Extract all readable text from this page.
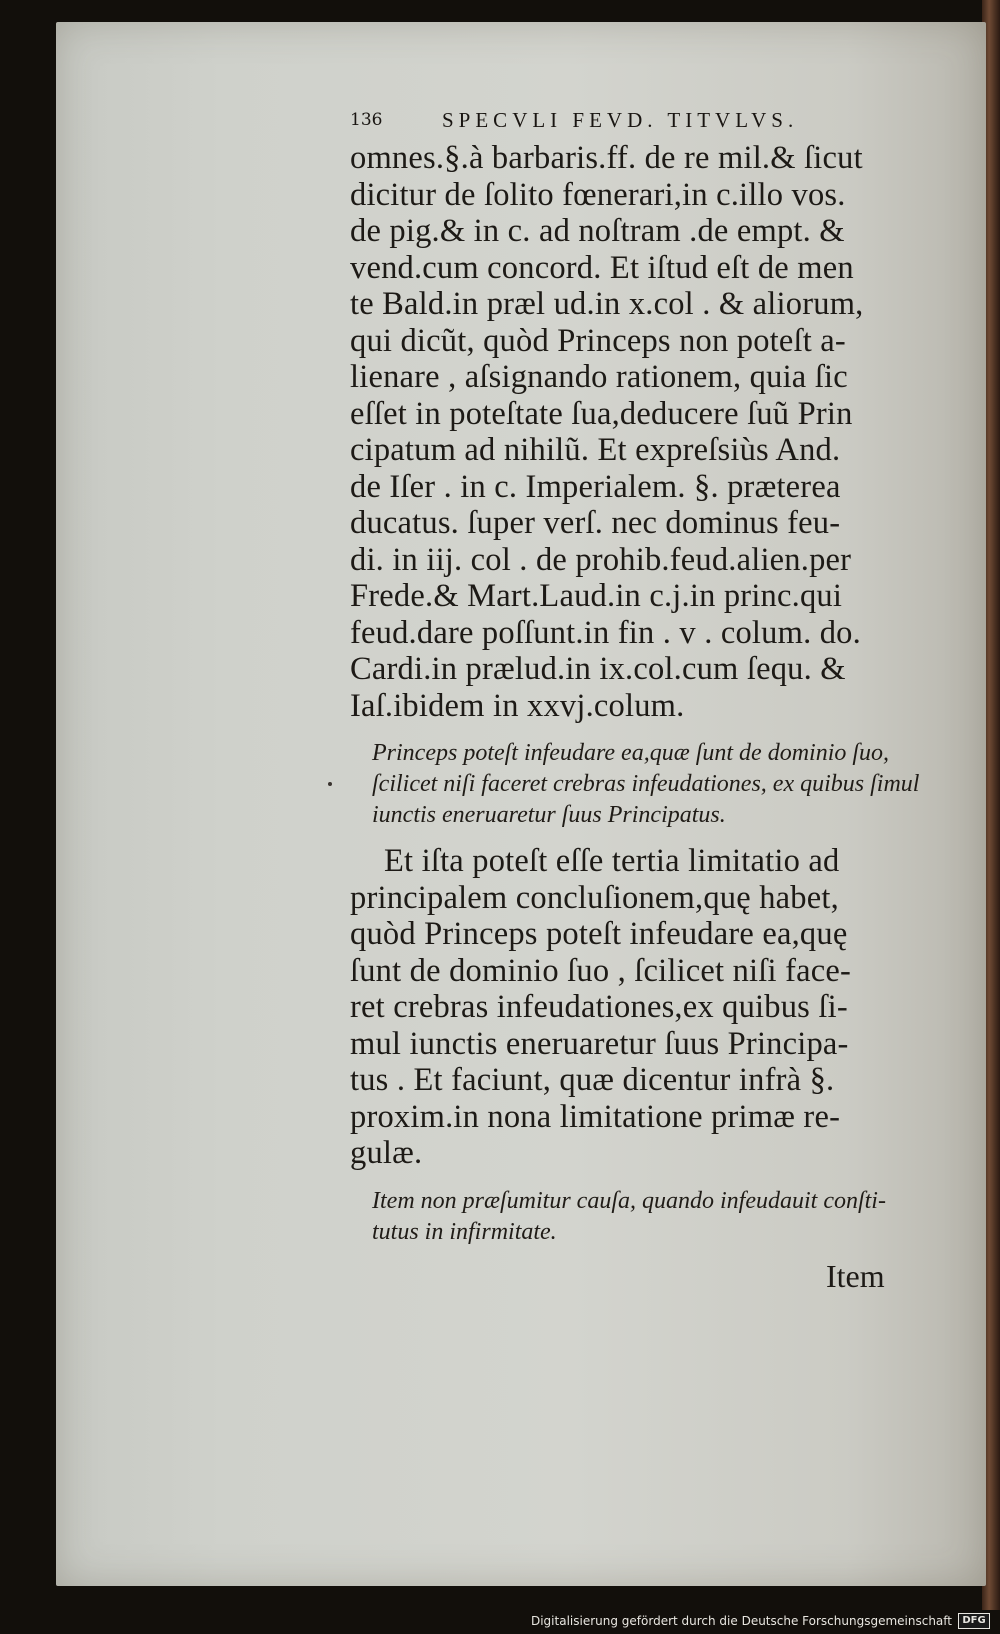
136	SPECVLI FEVD. TITVLVS.
omnes.§.à barbaris.ff. de re mil.& ſicut
dicitur de ſolito fœnerari,in c.illo vos.
de pig.& in c. ad noſtram .de empt. &
vend.cum concord. Et iſtud eſt de men
te Bald.in præl ud.in x.col . & aliorum,
qui dicũt, quòd Princeps non poteſt a-
lienare , aſsignando rationem, quia ſic
eſſet in poteſtate ſua,deducere ſuũ Prin
cipatum ad nihilũ. Et expreſsiùs And.
de Iſer . in c. Imperialem. §. præterea
ducatus. ſuper verſ. nec dominus feu-
di. in iij. col . de prohib.feud.alien.per
Frede.& Mart.Laud.in c.j.in princ.qui
feud.dare poſſunt.in fin . v . colum. do.
Cardi.in prælud.in ix.col.cum ſequ. &
Iaſ.ibidem in xxvj.colum.
Princeps poteſt infeudare ea,quæ ſunt de dominio ſuo,
ſcilicet niſi faceret crebras infeudationes, ex quibus ſimul
iunctis eneruaretur ſuus Principatus.
Et iſta poteſt eſſe tertia limitatio ad
principalem concluſionem,quę habet,
quòd Princeps poteſt infeudare ea,quę
ſunt de dominio ſuo , ſcilicet niſi face-
ret crebras infeudationes,ex quibus ſi-
mul iunctis eneruaretur ſuus Principa-
tus . Et faciunt, quæ dicentur infrà §.
proxim.in nona limitatione primæ re-
gulæ.
Item non præſumitur cauſa, quando infeudauit conſti-
tutus in infirmitate.
Item
Digitalisierung gefördert durch die Deutsche Forschungsgemeinschaft	DFG
